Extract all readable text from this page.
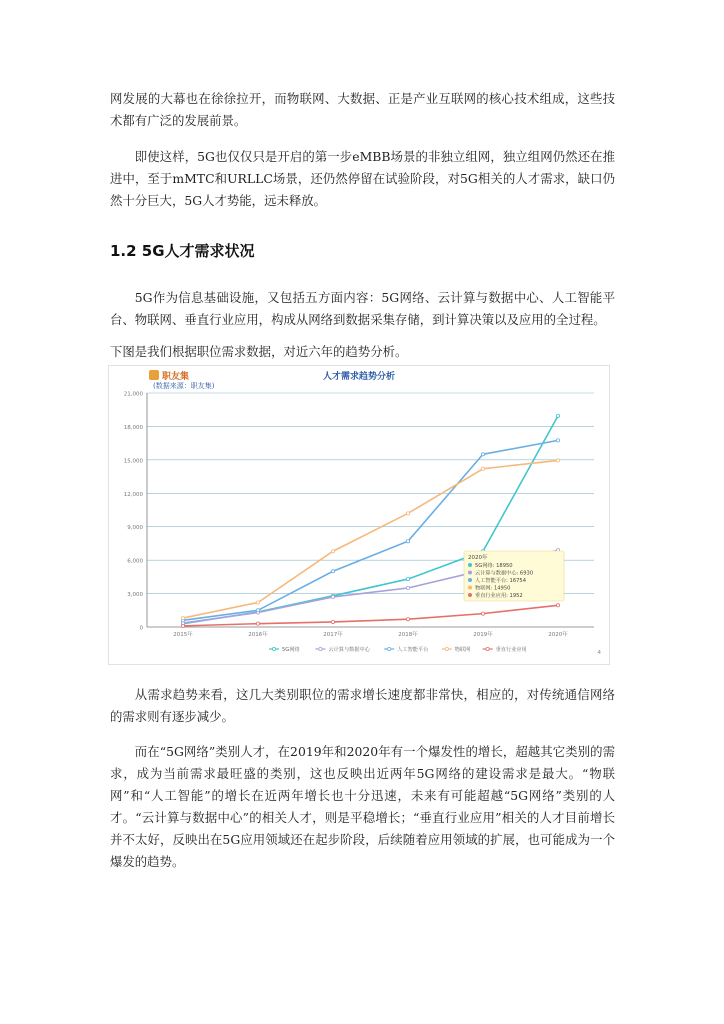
网发展的大幕也在徐徐拉开，而物联网、大数据、正是产业互联网的核心技术组成，这些技术都有广泛的发展前景。

即使这样，5G也仅仅只是开启的第一步eMBB场景的非独立组网，独立组网仍然还在推进中，至于mMTC和URLLC场景，还仍然停留在试验阶段，对5G相关的人才需求，缺口仍然十分巨大，5G人才势能，远未释放。

1.2 5G人才需求状况

5G作为信息基础设施，又包括五方面内容：5G网络、云计算与数据中心、人工智能平台、物联网、垂直行业应用，构成从网络到数据采集存储，到计算决策以及应用的全过程。

下图是我们根据职位需求数据，对近六年的趋势分析。

职友集
(数据来源：职友集)
人才需求趋势分析
0
3,000
6,000
9,000
12,000
15,000
18,000
21,000
2015年	2016年	2017年	2018年	2019年	2020年
2020年
5G网络: 18950
云计算与数据中心: 6930
人工智能平台: 16754
物联网: 14950
垂直行业应用: 1952
5G网络	云计算与数据中心	人工智能平台	物联网	垂直行业应用	4

从需求趋势来看，这几大类别职位的需求增长速度都非常快，相应的，对传统通信网络的需求则有逐步减少。

而在“5G网络”类别人才，在2019年和2020年有一个爆发性的增长，超越其它类别的需求，成为当前需求最旺盛的类别，这也反映出近两年5G网络的建设需求是最大。“物联网”和“人工智能”的增长在近两年增长也十分迅速，未来有可能超越“5G网络”类别的人才。“云计算与数据中心”的相关人才，则是平稳增长；“垂直行业应用”相关的人才目前增长并不太好，反映出在5G应用领域还在起步阶段，后续随着应用领域的扩展，也可能成为一个爆发的趋势。
